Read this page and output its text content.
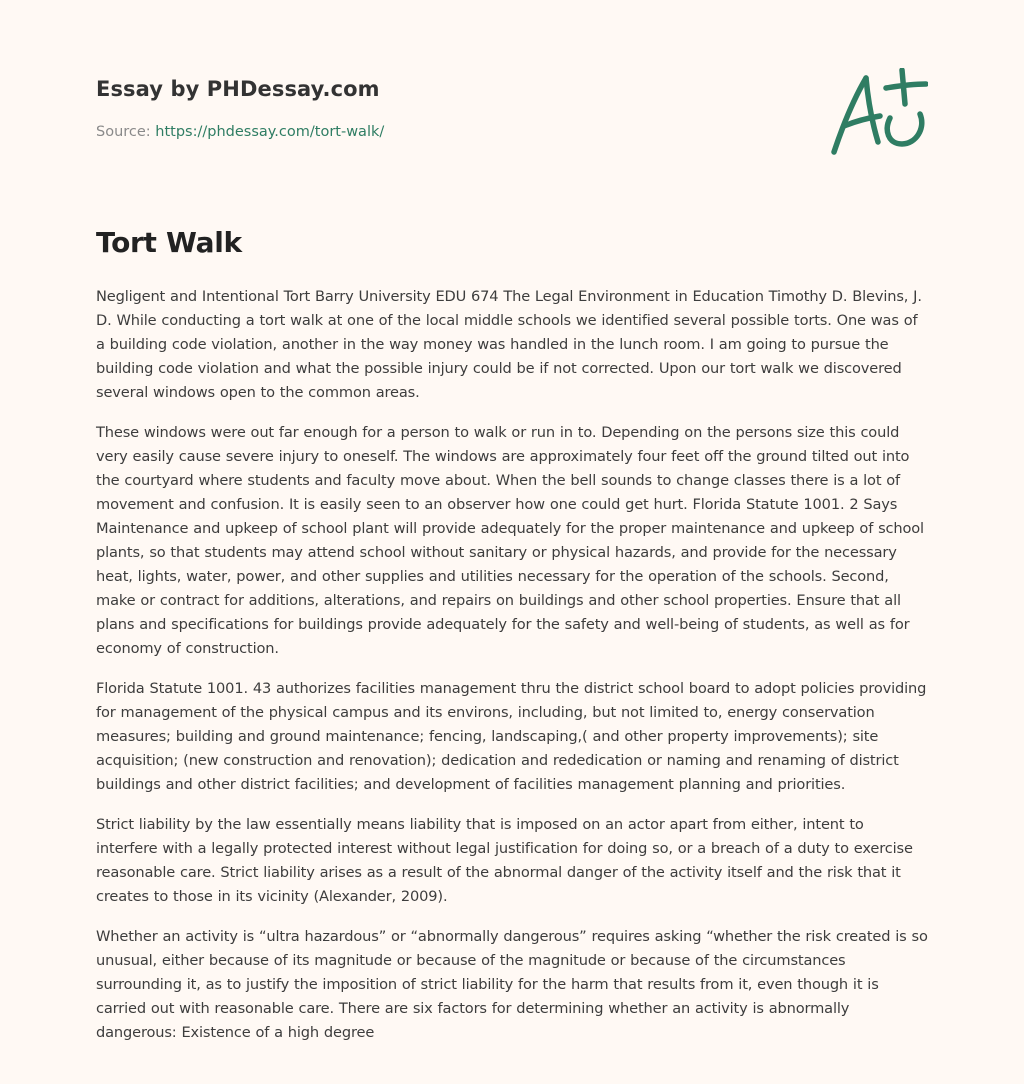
Essay by PHDessay.com
Source: https://phdessay.com/tort-walk/
Tort Walk

Negligent and Intentional Tort Barry University EDU 674 The Legal Environment in Education Timothy D. Blevins, J. D. While conducting a tort walk at one of the local middle schools we identified several possible torts. One was of a building code violation, another in the way money was handled in the lunch room. I am going to pursue the building code violation and what the possible injury could be if not corrected. Upon our tort walk we discovered several windows open to the common areas.

These windows were out far enough for a person to walk or run in to. Depending on the persons size this could very easily cause severe injury to oneself. The windows are approximately four feet off the ground tilted out into the courtyard where students and faculty move about. When the bell sounds to change classes there is a lot of movement and confusion. It is easily seen to an observer how one could get hurt. Florida Statute 1001. 2 Says Maintenance and upkeep of school plant will provide adequately for the proper maintenance and upkeep of school plants, so that students may attend school without sanitary or physical hazards, and provide for the necessary heat, lights, water, power, and other supplies and utilities necessary for the operation of the schools. Second, make or contract for additions, alterations, and repairs on buildings and other school properties. Ensure that all plans and specifications for buildings provide adequately for the safety and well-being of students, as well as for economy of construction.

Florida Statute 1001. 43 authorizes facilities management thru the district school board to adopt policies providing for management of the physical campus and its environs, including, but not limited to, energy conservation measures; building and ground maintenance; fencing, landscaping,( and other property improvements); site acquisition; (new construction and renovation); dedication and rededication or naming and renaming of district buildings and other district facilities; and development of facilities management planning and priorities.

Strict liability by the law essentially means liability that is imposed on an actor apart from either, intent to interfere with a legally protected interest without legal justification for doing so, or a breach of a duty to exercise reasonable care. Strict liability arises as a result of the abnormal danger of the activity itself and the risk that it creates to those in its vicinity (Alexander, 2009).

Whether an activity is “ultra hazardous” or “abnormally dangerous” requires asking “whether the risk created is so unusual, either because of its magnitude or because of the magnitude or because of the circumstances surrounding it, as to justify the imposition of strict liability for the harm that results from it, even though it is carried out with reasonable care. There are six factors for determining whether an activity is abnormally dangerous: Existence of a high degree
